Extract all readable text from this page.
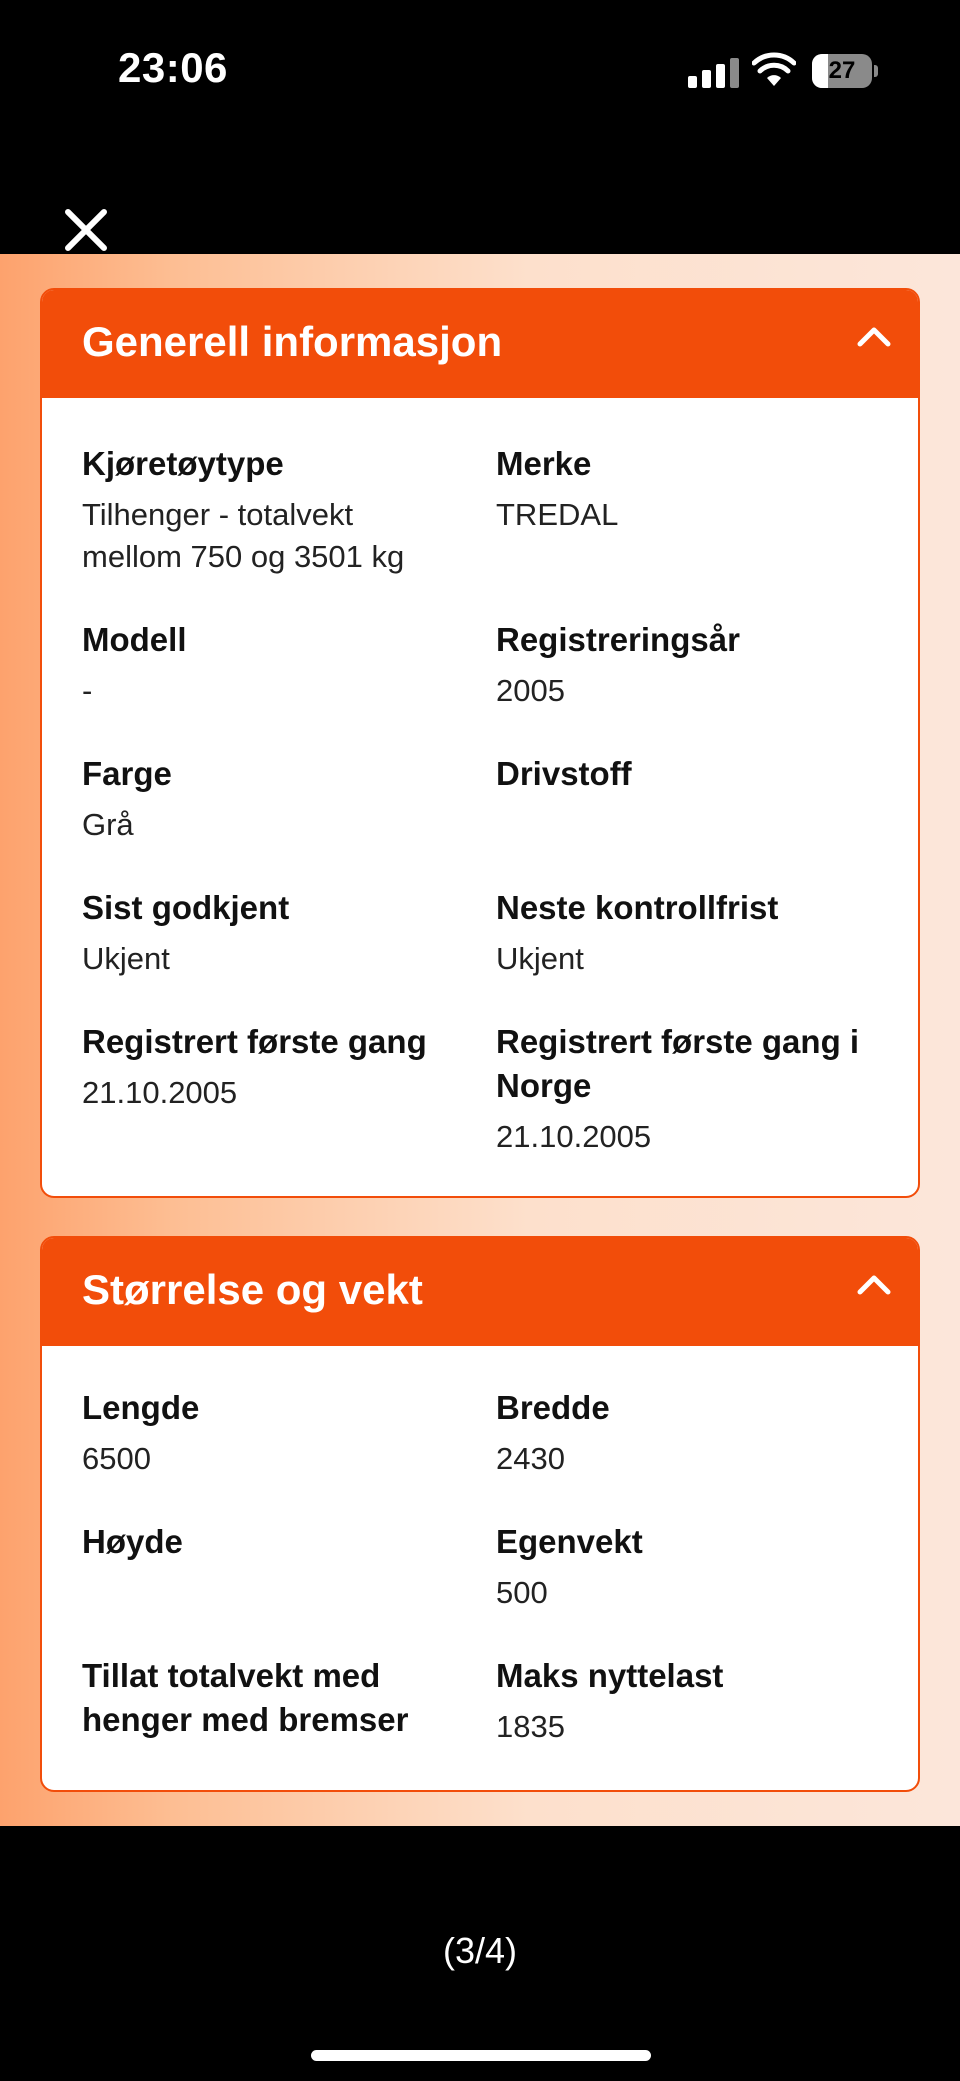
23:06	27
Generell informasjon
Kjøretøytype
Tilhenger - totalvekt mellom 750 og 3501 kg
Merke
TREDAL
Modell
-
Registreringsår
2005
Farge
Grå
Drivstoff
Sist godkjent
Ukjent
Neste kontrollfrist
Ukjent
Registrert første gang
21.10.2005
Registrert første gang i Norge
21.10.2005
Størrelse og vekt
Lengde
6500
Bredde
2430
Høyde	Egenvekt
500
Tillat totalvekt med henger med bremser
Maks nyttelast
1835
(3/4)
